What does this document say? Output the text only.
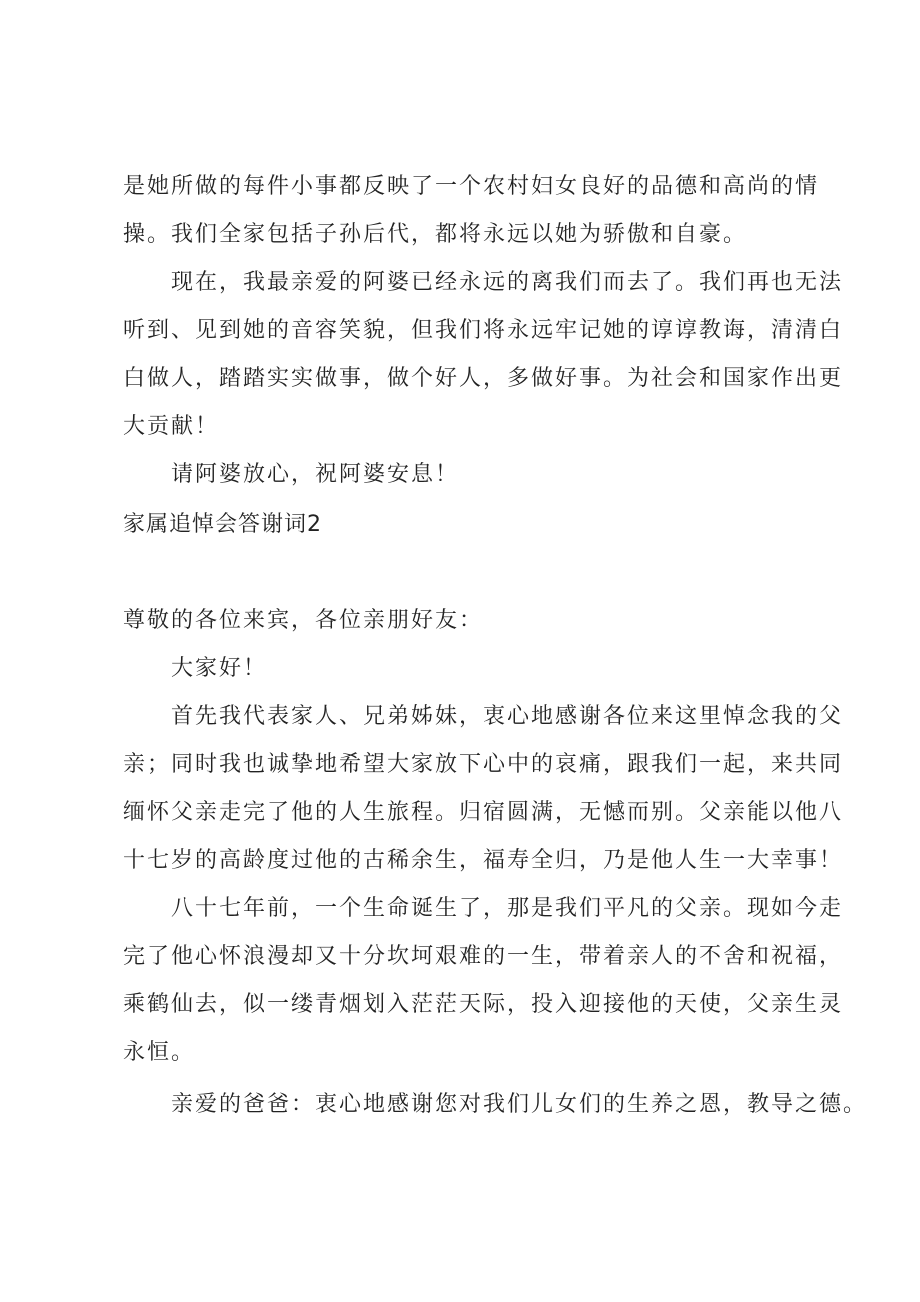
是她所做的每件小事都反映了一个农村妇女良好的品德和高尚的情
操。我们全家包括子孙后代，都将永远以她为骄傲和自豪。
现在，我最亲爱的阿婆已经永远的离我们而去了。我们再也无法
听到、见到她的音容笑貌，但我们将永远牢记她的谆谆教诲，清清白
白做人，踏踏实实做事，做个好人，多做好事。为社会和国家作出更
大贡献！
请阿婆放心，祝阿婆安息！
家属追悼会答谢词2
尊敬的各位来宾，各位亲朋好友：
大家好！
首先我代表家人、兄弟姊妹，衷心地感谢各位来这里悼念我的父
亲；同时我也诚挚地希望大家放下心中的哀痛，跟我们一起，来共同
缅怀父亲走完了他的人生旅程。归宿圆满，无憾而别。父亲能以他八
十七岁的高龄度过他的古稀余生，福寿全归，乃是他人生一大幸事！
八十七年前，一个生命诞生了，那是我们平凡的父亲。现如今走
完了他心怀浪漫却又十分坎坷艰难的一生，带着亲人的不舍和祝福，
乘鹤仙去，似一缕青烟划入茫茫天际，投入迎接他的天使，父亲生灵
永恒。
亲爱的爸爸：衷心地感谢您对我们儿女们的生养之恩，教导之德。
